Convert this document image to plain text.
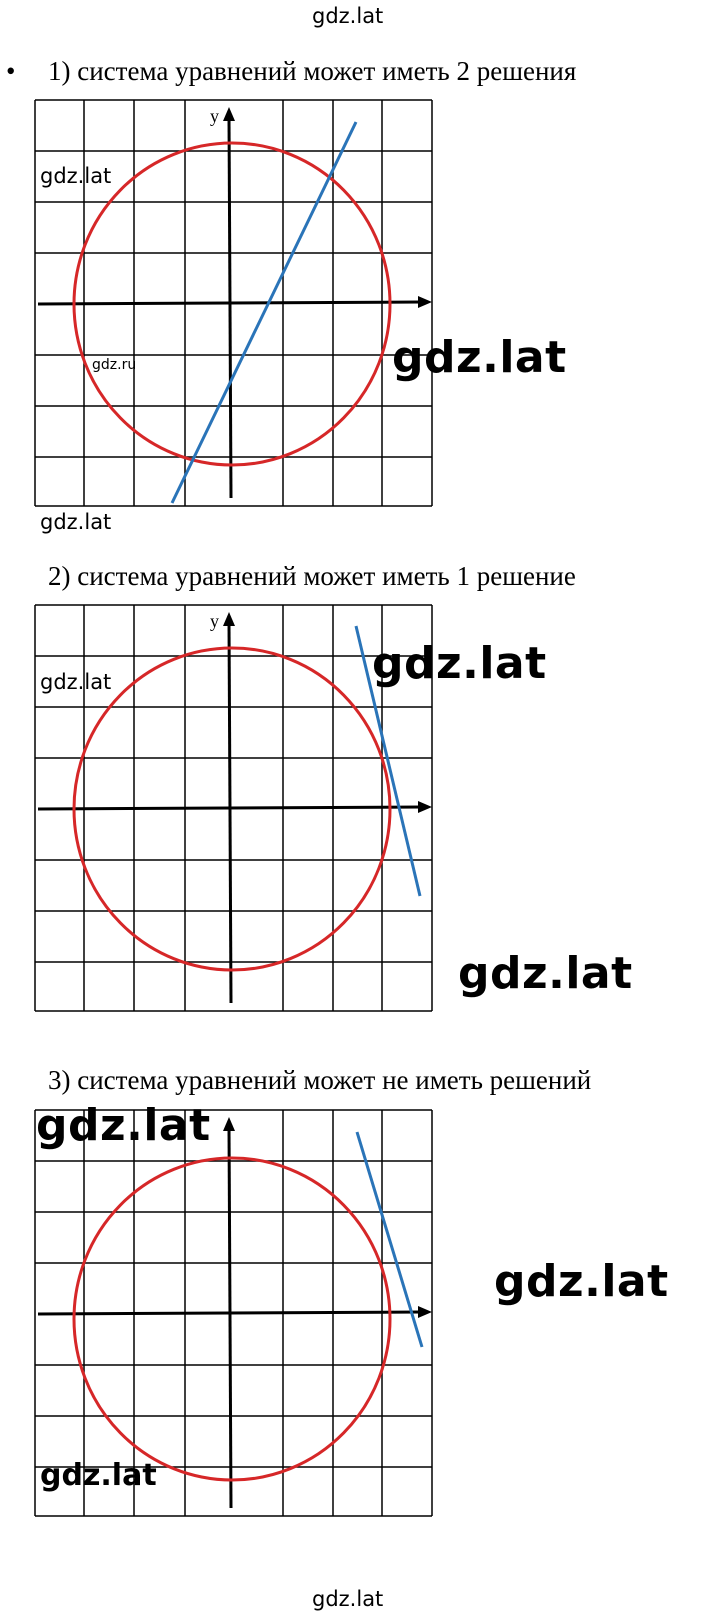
gdz.lat
• 1) система уравнений может иметь 2 решения
y
gdz.lat
gdz.ru	gdz.lat
gdz.lat
2) система уравнений может иметь 1 решение
y
gdz.lat	gdz.lat
gdz.lat
3) система уравнений может не иметь решений
gdz.lat
gdz.lat
gdz.lat
gdz.lat
